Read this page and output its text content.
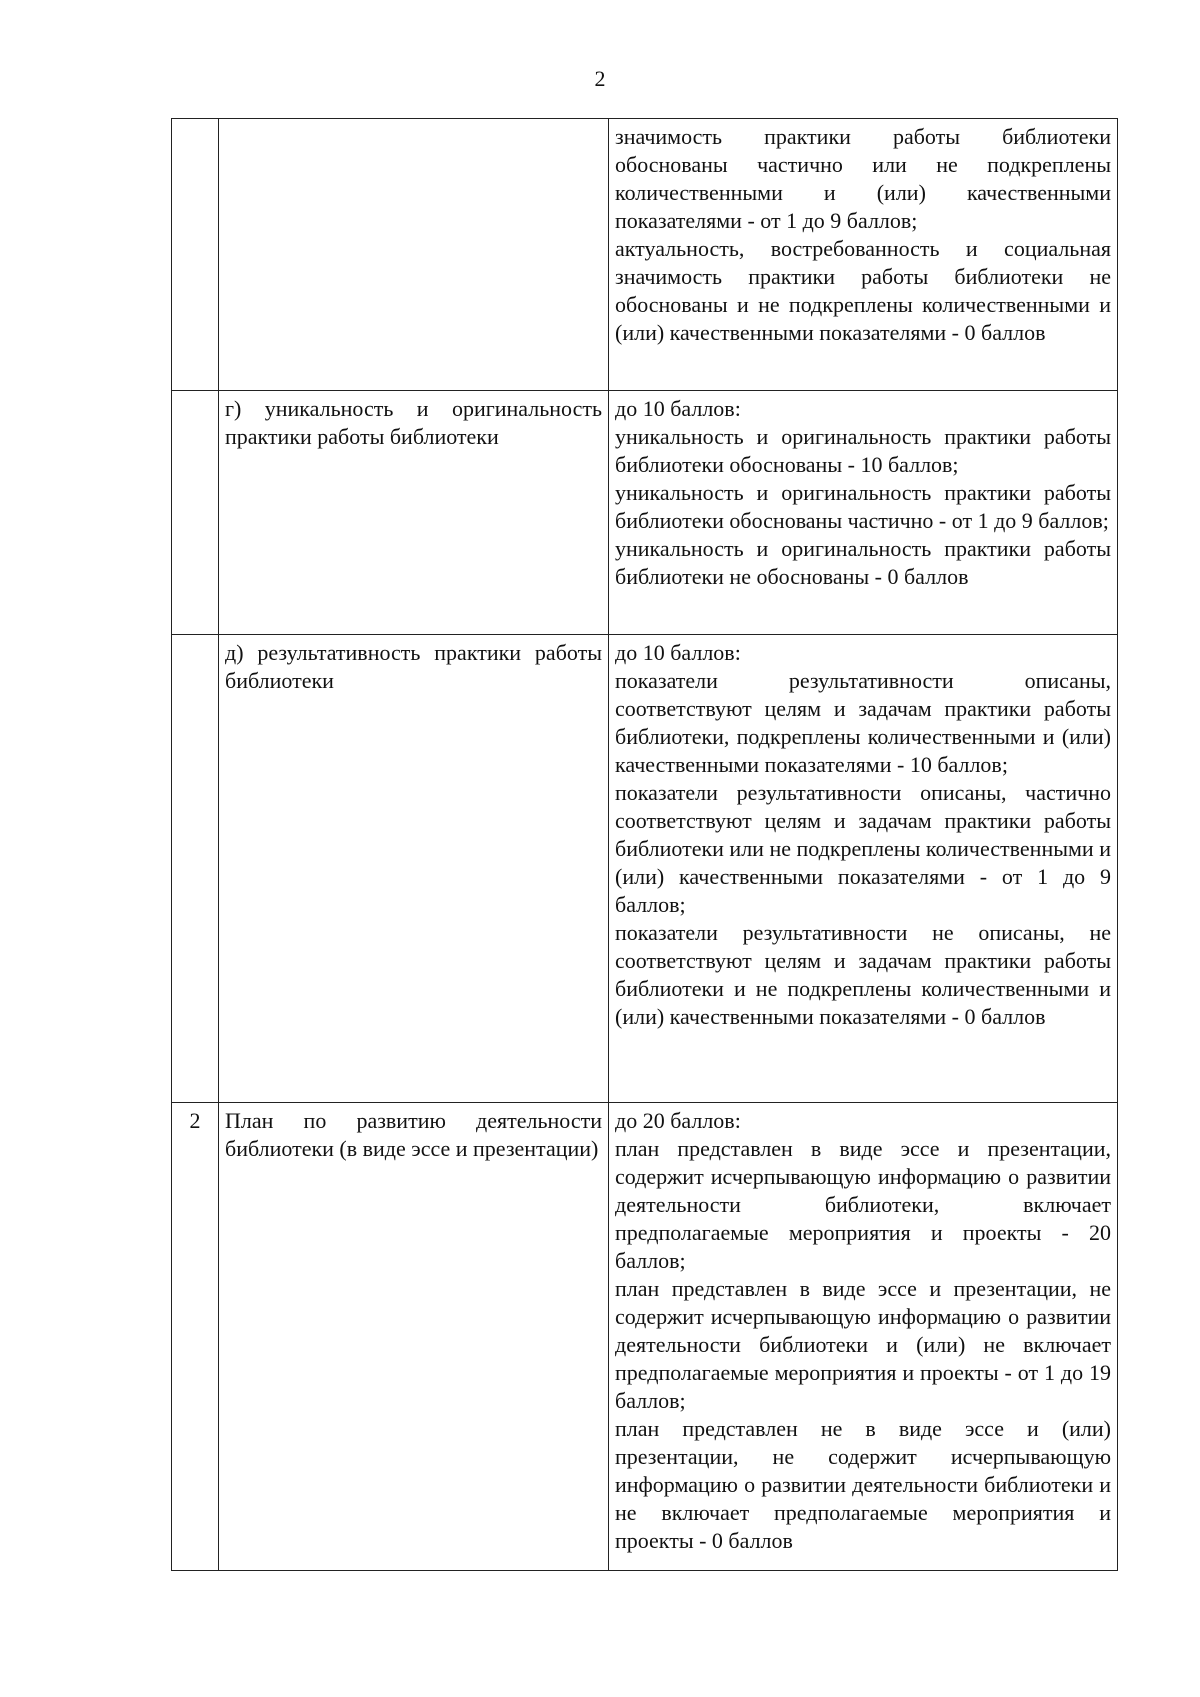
2

		значимость практики работы библиотеки обоснованы частично или не подкреплены количественными и (или) качественными показателями - от 1 до 9 баллов;
актуальность, востребованность и социальная значимость практики работы библиотеки не обоснованы и не подкреплены количественными и (или) качественными показателями - 0 баллов

	г) уникальность и оригинальность практики работы библиотеки	до 10 баллов:
уникальность и оригинальность практики работы библиотеки обоснованы - 10 баллов;
уникальность и оригинальность практики работы библиотеки обоснованы частично - от 1 до 9 баллов;
уникальность и оригинальность практики работы библиотеки не обоснованы - 0 баллов

	д) результативность практики работы библиотеки	до 10 баллов:
показатели результативности описаны, соответствуют целям и задачам практики работы библиотеки, подкреплены количественными и (или) качественными показателями - 10 баллов;
показатели результативности описаны, частично соответствуют целям и задачам практики работы библиотеки или не подкреплены количественными и (или) качественными показателями - от 1 до 9 баллов;
показатели результативности не описаны, не соответствуют целям и задачам практики работы библиотеки и не подкреплены количественными и (или) качественными показателями - 0 баллов

2	План по развитию деятельности библиотеки (в виде эссе и презентации)	до 20 баллов:
план представлен в виде эссе и презентации, содержит исчерпывающую информацию о развитии деятельности библиотеки, включает предполагаемые мероприятия и проекты - 20 баллов;
план представлен в виде эссе и презентации, не содержит исчерпывающую информацию о развитии деятельности библиотеки и (или) не включает предполагаемые мероприятия и проекты - от 1 до 19 баллов;
план представлен не в виде эссе и (или) презентации, не содержит исчерпывающую информацию о развитии деятельности библиотеки и не включает предполагаемые мероприятия и проекты - 0 баллов
